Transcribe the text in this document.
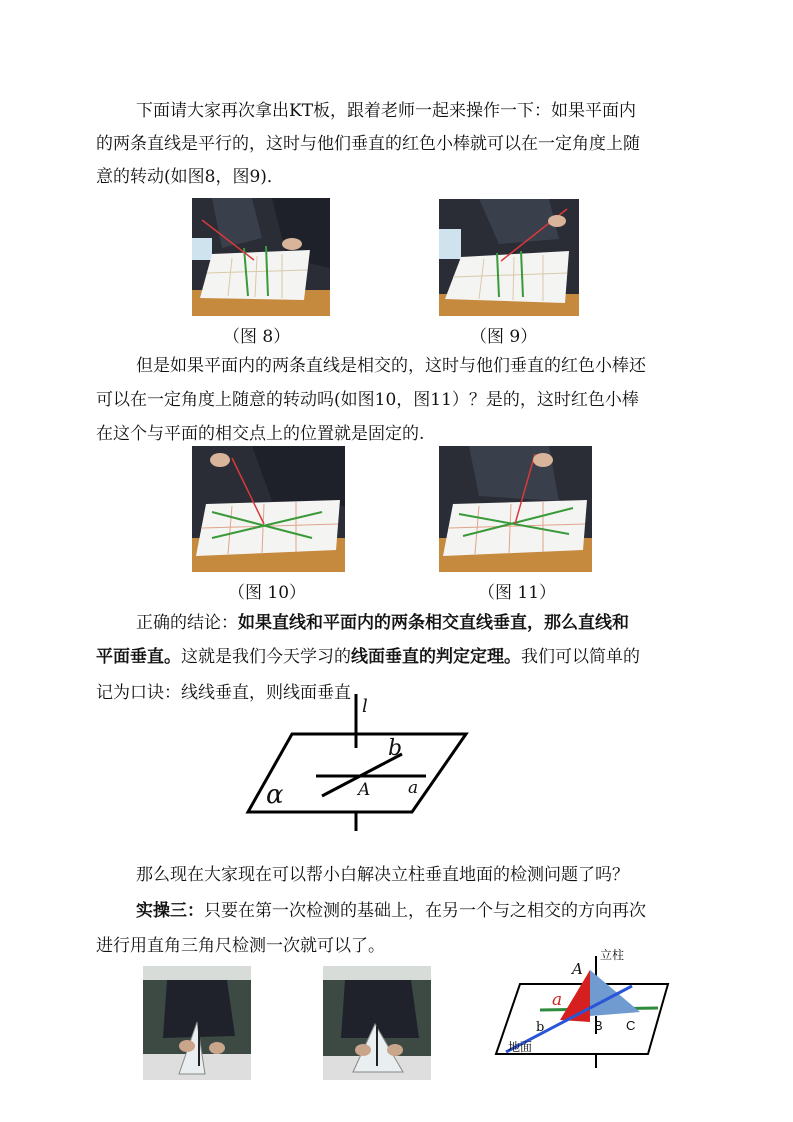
下面请大家再次拿出KT板，跟着老师一起来操作一下：如果平面内
的两条直线是平行的，这时与他们垂直的红色小棒就可以在一定角度上随
意的转动(如图8，图9)．
（图 8）	（图 9）
但是如果平面内的两条直线是相交的，这时与他们垂直的红色小棒还
可以在一定角度上随意的转动吗(如图10，图11）？是的，这时红色小棒
在这个与平面的相交点上的位置就是固定的.
（图 10）	（图 11）
正确的结论：如果直线和平面内的两条相交直线垂直，那么直线和
平面垂直。这就是我们今天学习的线面垂直的判定定理。我们可以简单的
记为口诀：线线垂直，则线面垂直
l
b
α	A a
那么现在大家现在可以帮小白解决立柱垂直地面的检测问题了吗？
实操三：只要在第一次检测的基础上，在另一个与之相交的方向再次
进行用直角三角尺检测一次就可以了。	立柱
A
a
b	B C
地面
